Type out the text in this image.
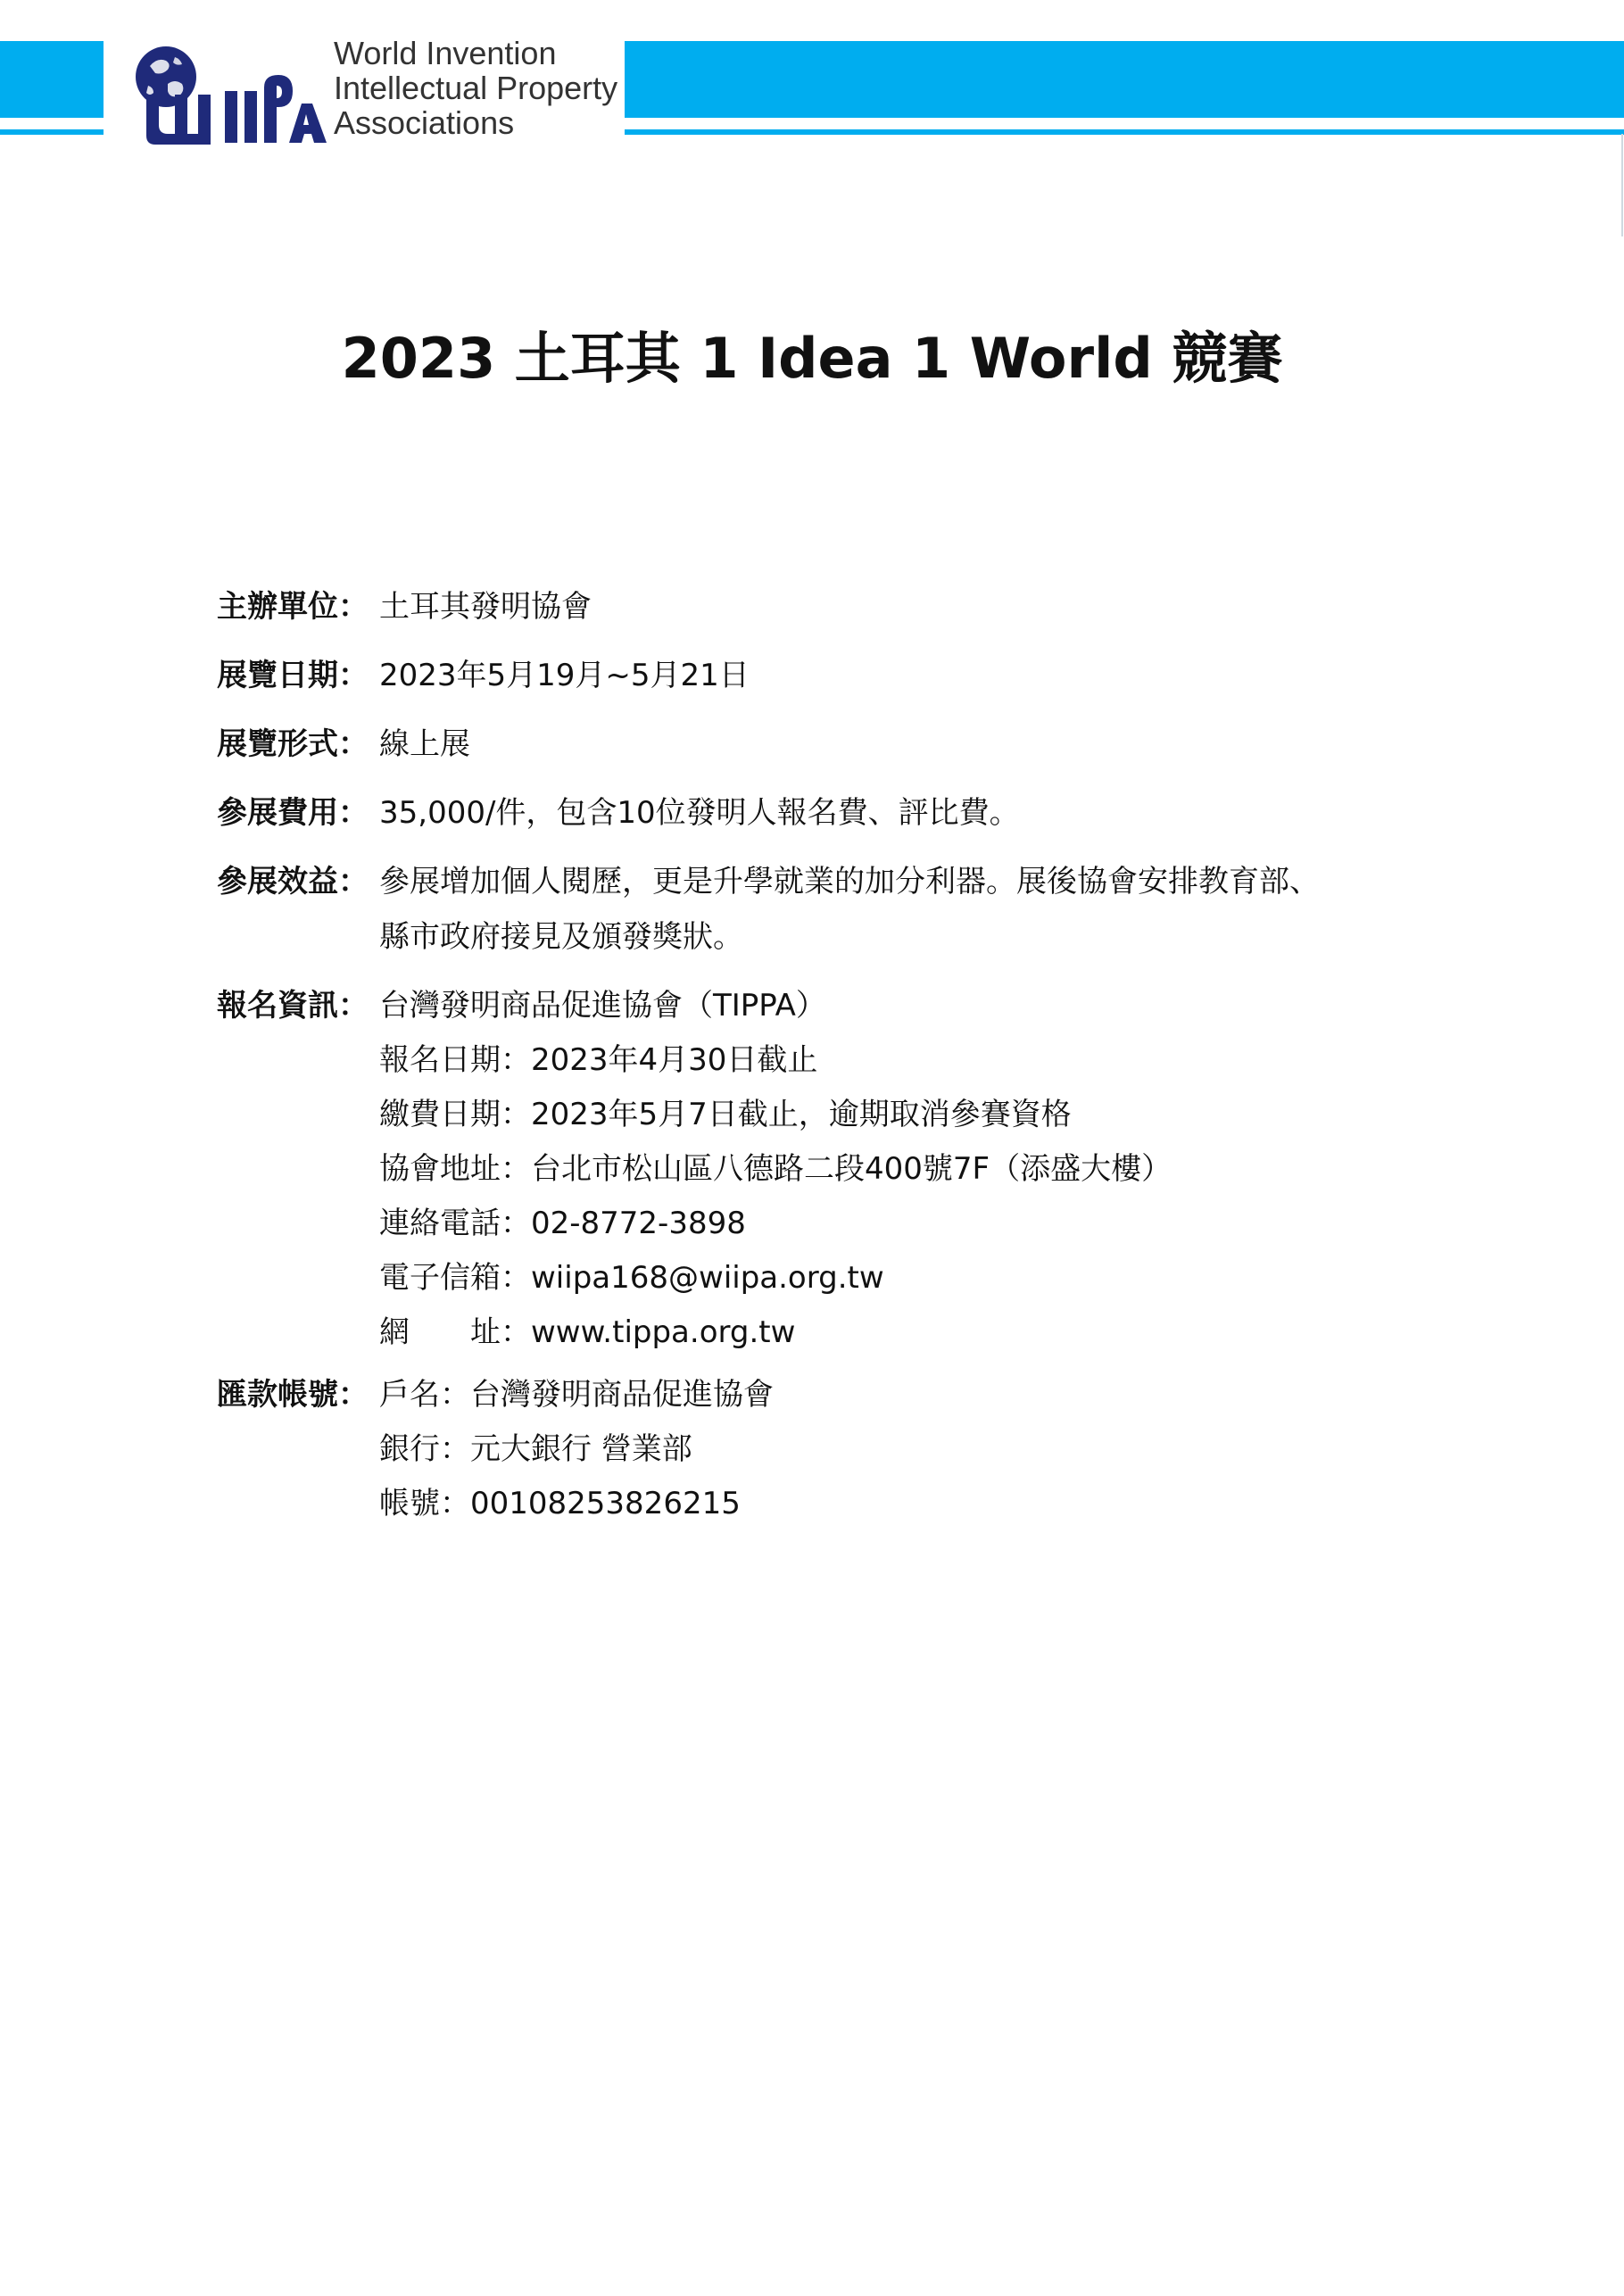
World Invention
Intellectual Property
Associations
2023 土耳其 1 Idea 1 World 競賽
主辦單位： 土耳其發明協會
展覽日期： 2023年5月19月~5月21日
展覽形式： 線上展
參展費用： 35,000/件，包含10位發明人報名費、評比費。
參展效益： 參展增加個人閱歷，更是升學就業的加分利器。展後協會安排教育部、
縣市政府接見及頒發獎狀。
報名資訊： 台灣發明商品促進協會（TIPPA）
報名日期：2023年4月30日截止
繳費日期：2023年5月7日截止，逾期取消參賽資格
協會地址：台北市松山區八德路二段400號7F（添盛大樓）
連絡電話：02-8772-3898
電子信箱：wiipa168@wiipa.org.tw
網　　址：www.tippa.org.tw
匯款帳號： 戶名：台灣發明商品促進協會
銀行：元大銀行 營業部
帳號：00108253826215
